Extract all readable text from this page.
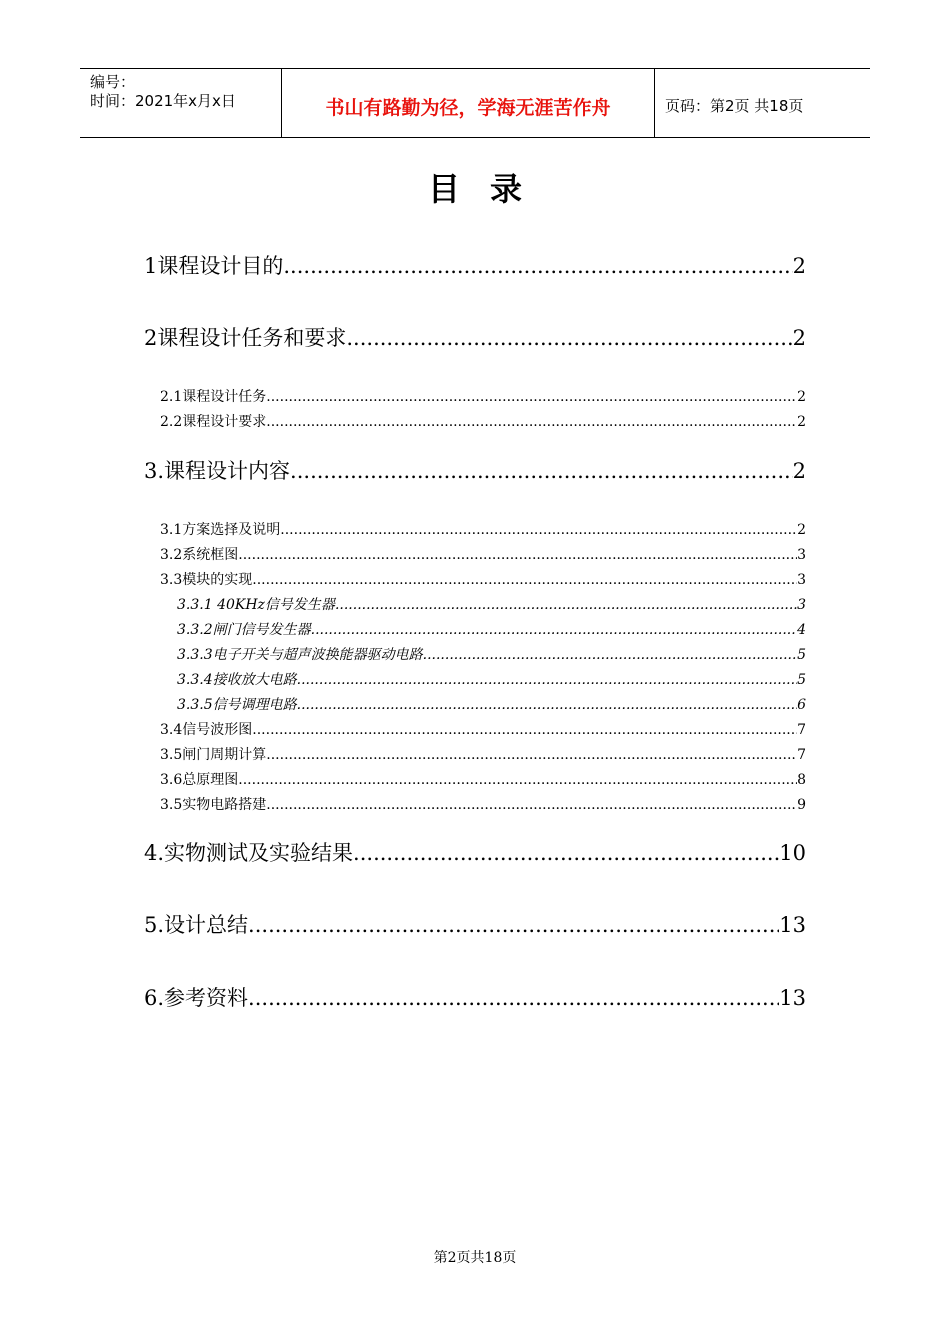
编号：
时间：2021年x月x日	书山有路勤为径，学海无涯苦作舟	页码：第2页 共18页
目录
1课程设计目的 .....	2
2课程设计任务和要求 .....	2
2.1课程设计任务 .....	2
2.2课程设计要求 .....	2
3.课程设计内容 .....	2
3.1方案选择及说明 .....	2
3.2系统框图 .....	3
3.3模块的实现 .....	3
3.3.1 40KHz信号发生器 .....	3
3.3.2闸门信号发生器 .....	4
3.3.3电子开关与超声波换能器驱动电路 .....	5
3.3.4接收放大电路 .....	5
3.3.5信号调理电路 .....	6
3.4信号波形图 .....	7
3.5闸门周期计算 .....	7
3.6总原理图 .....	8
3.5实物电路搭建 .....	9
4.实物测试及实验结果 .....	10
5.设计总结 .....	13
6.参考资料 .....	13
第2页共18页
